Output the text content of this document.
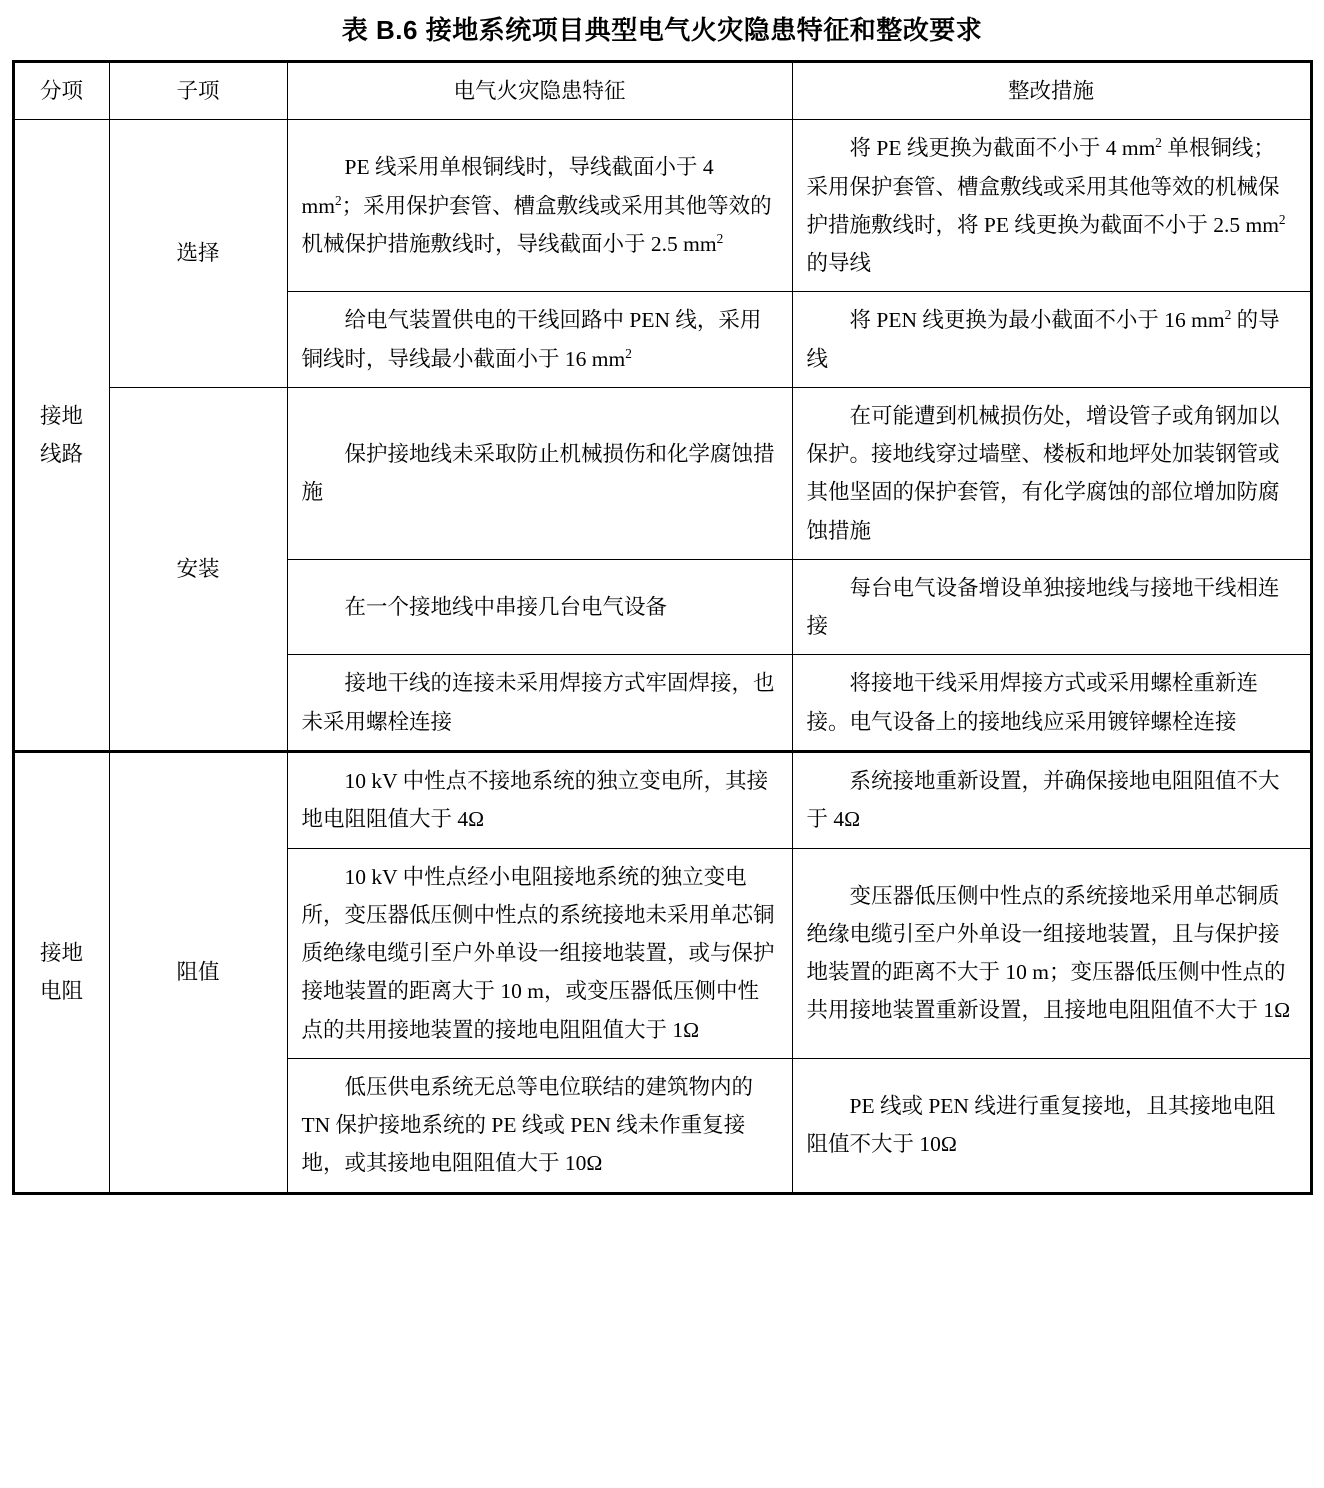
表 B.6 接地系统项目典型电气火灾隐患特征和整改要求
分项	子项	电气火灾隐患特征	整改措施

接地
线路	选择	PE 线采用单根铜线时，导线截面小于 4 $mm^2$；采用保护套管、槽盒敷线或采用其他等效的机械保护措施敷线时，导线截面小于 2.5 $mm^2$	将 PE 线更换为截面不小于 4 $mm^2$ 单根铜线；采用保护套管、槽盒敷线或采用其他等效的机械保护措施敷线时，将 PE 线更换为截面不小于 2.5 $mm^2$ 的导线
		给电气装置供电的干线回路中 PEN 线，采用铜线时，导线最小截面小于 16 $mm^2$	将 PEN 线更换为最小截面不小于 16 $mm^2$ 的导线
	安装	保护接地线未采取防止机械损伤和化学腐蚀措施	在可能遭到机械损伤处，增设管子或角钢加以保护。接地线穿过墙壁、楼板和地坪处加装钢管或其他坚固的保护套管，有化学腐蚀的部位增加防腐蚀措施
		在一个接地线中串接几台电气设备	每台电气设备增设单独接地线与接地干线相连接
		接地干线的连接未采用焊接方式牢固焊接，也未采用螺栓连接	将接地干线采用焊接方式或采用螺栓重新连接。电气设备上的接地线应采用镀锌螺栓连接

接地
电阻	阻值	10 kV 中性点不接地系统的独立变电所，其接地电阻阻值大于 4Ω	系统接地重新设置，并确保接地电阻阻值不大于 4Ω
		10 kV 中性点经小电阻接地系统的独立变电所，变压器低压侧中性点的系统接地未采用单芯铜质绝缘电缆引至户外单设一组接地装置，或与保护接地装置的距离大于 10 m，或变压器低压侧中性点的共用接地装置的接地电阻阻值大于 1Ω	变压器低压侧中性点的系统接地采用单芯铜质绝缘电缆引至户外单设一组接地装置，且与保护接地装置的距离不大于 10 m；变压器低压侧中性点的共用接地装置重新设置，且接地电阻阻值不大于 1Ω
		低压供电系统无总等电位联结的建筑物内的 TN 保护接地系统的 PE 线或 PEN 线未作重复接地，或其接地电阻阻值大于 10Ω	PE 线或 PEN 线进行重复接地，且其接地电阻阻值不大于 10Ω
